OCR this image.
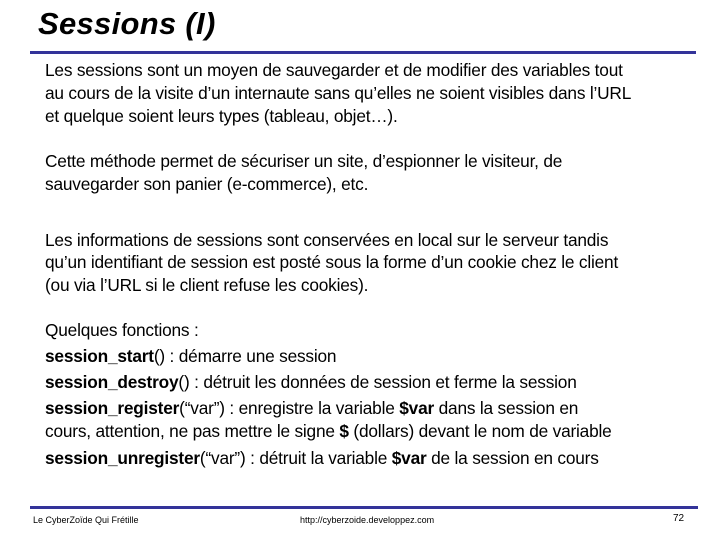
Sessions (I)
Les sessions sont un moyen de sauvegarder et de modifier des variables tout
au cours de la visite d’un internaute sans qu’elles ne soient visibles dans l’URL
et quelque soient leurs types (tableau, objet…).
Cette méthode permet de sécuriser un site, d’espionner le visiteur, de
sauvegarder son panier (e-commerce), etc.
Les informations de sessions sont conservées en local sur le serveur tandis
qu’un identifiant de session est posté sous la forme d’un cookie chez le client
(ou via l’URL si le client refuse les cookies).
Quelques fonctions :
session_start() : démarre une session
session_destroy() : détruit les données de session et ferme la session
session_register(“var”) : enregistre la variable $var dans la session en
cours, attention, ne pas mettre le signe $ (dollars) devant le nom de variable
session_unregister(“var”) : détruit la variable $var de la session en cours
Le CyberZoïde Qui Frétille	http://cyberzoide.developpez.com	72
